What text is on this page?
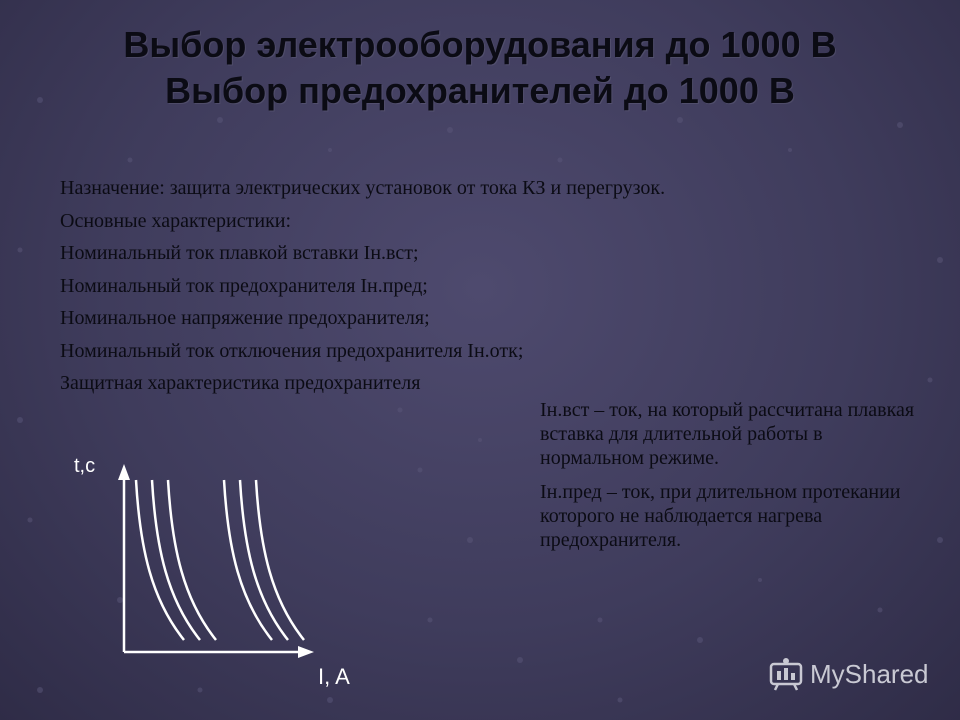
Выбор электрооборудования до 1000 В
Выбор предохранителей до 1000 В
Назначение: защита электрических установок от тока КЗ и перегрузок.
Основные характеристики:
Номинальный ток плавкой вставки Iн.вст;
Номинальный ток предохранителя Iн.пред;
Номинальное напряжение предохранителя;
Номинальный ток отключения предохранителя Iн.отк;
Защитная характеристика предохранителя

Iн.вст – ток, на который рассчитана плавкая вставка для длительной работы в нормальном режиме.

Iн.пред – ток, при длительном протекании которого не наблюдается нагрева предохранителя.

t,c
I, A	MyShared
